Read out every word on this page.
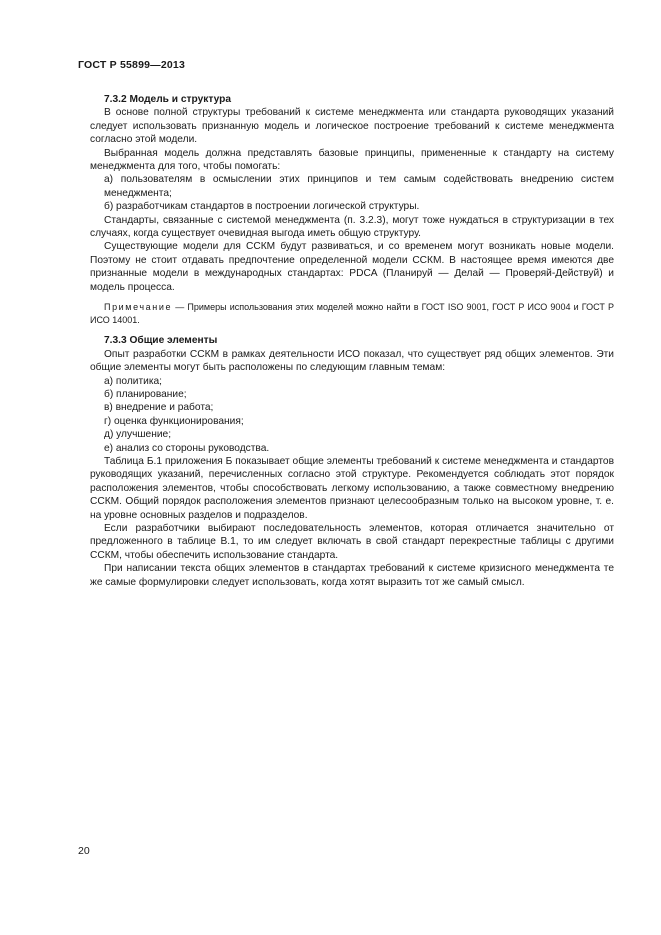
ГОСТ Р 55899—2013
7.3.2 Модель и структура

В основе полной структуры требований к системе менеджмента или стандарта руководящих указаний следует использовать признанную модель и логическое построение требований к системе менеджмента согласно этой модели.

Выбранная модель должна представлять базовые принципы, примененные к стандарту на систему менеджмента для того, чтобы помогать:

а) пользователям в осмыслении этих принципов и тем самым содействовать внедрению систем менеджмента;

б) разработчикам стандартов в построении логической структуры.

Стандарты, связанные с системой менеджмента (п. 3.2.3), могут тоже нуждаться в структуризации в тех случаях, когда существует очевидная выгода иметь общую структуру.

Существующие модели для ССКМ будут развиваться, и со временем могут возникать новые модели. Поэтому не стоит отдавать предпочтение определенной модели ССКМ. В настоящее время имеются две признанные модели в международных стандартах: PDCA (Планируй — Делай — Проверяй-Действуй) и модель процесса.

Примечание — Примеры использования этих моделей можно найти в ГОСТ ISO 9001, ГОСТ Р ИСО 9004 и ГОСТ Р ИСО 14001.

7.3.3 Общие элементы

Опыт разработки ССКМ в рамках деятельности ИСО показал, что существует ряд общих элементов. Эти общие элементы могут быть расположены по следующим главным темам:

а) политика;

б) планирование;

в) внедрение и работа;

г) оценка функционирования;

д) улучшение;

е) анализ со стороны руководства.

Таблица Б.1 приложения Б показывает общие элементы требований к системе менеджмента и стандартов руководящих указаний, перечисленных согласно этой структуре. Рекомендуется соблюдать этот порядок расположения элементов, чтобы способствовать легкому использованию, а также совместному внедрению ССКМ. Общий порядок расположения элементов признают целесообразным только на высоком уровне, т. е. на уровне основных разделов и подразделов.

Если разработчики выбирают последовательность элементов, которая отличается значительно от предложенного в таблице В.1, то им следует включать в свой стандарт перекрестные таблицы с другими ССКМ, чтобы обеспечить использование стандарта.

При написании текста общих элементов в стандартах требований к системе кризисного менеджмента те же самые формулировки следует использовать, когда хотят выразить тот же самый смысл.

20
